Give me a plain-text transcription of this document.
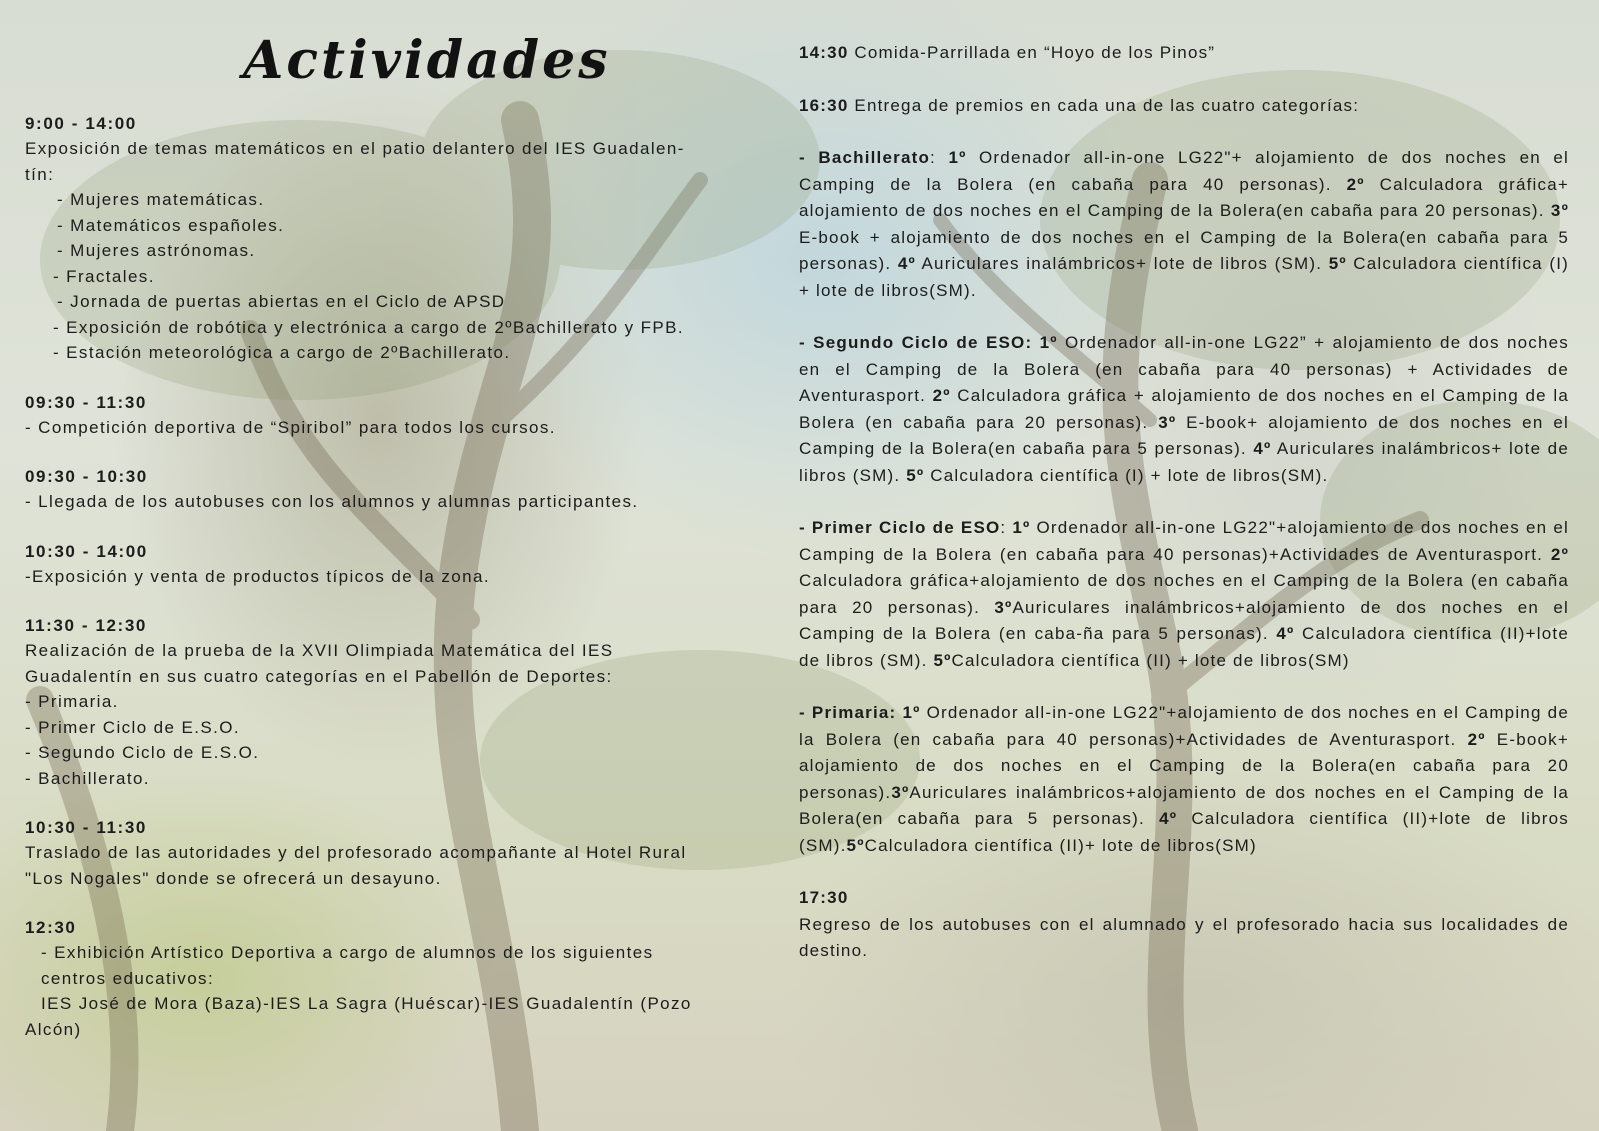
Actividades
9:00 - 14:00
Exposición de temas matemáticos en el patio delantero del IES Guadalen-
tín:
- Mujeres matemáticas.
- Matemáticos españoles.
- Mujeres astrónomas.
- Fractales.
- Jornada de puertas abiertas en el Ciclo de APSD
- Exposición de robótica y electrónica a cargo de 2ºBachillerato y FPB.
- Estación meteorológica a cargo de 2ºBachillerato.
09:30 - 11:30
- Competición deportiva de “Spiribol” para todos los cursos.
09:30 - 10:30
- Llegada de los autobuses con los alumnos y alumnas participantes.
10:30 - 14:00
-Exposición y venta de productos típicos de la zona.
11:30 - 12:30
Realización de la prueba de la XVII Olimpiada Matemática del IES
Guadalentín en sus cuatro categorías en el Pabellón de Deportes:
- Primaria.
- Primer Ciclo de E.S.O.
- Segundo Ciclo de E.S.O.
- Bachillerato.
10:30 - 11:30
Traslado de las autoridades y del profesorado acompañante al Hotel Rural
"Los Nogales" donde se ofrecerá un desayuno.
12:30
- Exhibición Artístico Deportiva a cargo de alumnos de los siguientes
centros educativos:
IES José de Mora (Baza)-IES La Sagra (Huéscar)-IES Guadalentín (Pozo
Alcón)

14:30 Comida-Parrillada en “Hoyo de los Pinos”

16:30 Entrega de premios en cada una de las cuatro categorías:

- Bachillerato: 1º Ordenador all-in-one LG22"+ alojamiento de dos noches en el Camping de la Bolera (en cabaña para 40 personas). 2º Calculadora gráfica+ alojamiento de dos noches en el Camping de la Bolera(en cabaña para 20 personas). 3º E-book + alojamiento de dos noches en el Camping de la Bolera(en cabaña para 5 personas). 4º Auriculares inalámbricos+ lote de libros (SM). 5º Calculadora científica (I) + lote de libros(SM).

- Segundo Ciclo de ESO: 1º Ordenador all-in-one LG22” + alojamiento de dos noches en el Camping de la Bolera (en cabaña para 40 personas) + Actividades de Aventurasport. 2º Calculadora gráfica + alojamiento de dos noches en el Camping de la Bolera (en cabaña para 20 personas). 3º E-book+ alojamiento de dos noches en el Camping de la Bolera(en cabaña para 5 personas). 4º Auriculares inalámbricos+ lote de libros (SM). 5º Calculadora científica (I) + lote de libros(SM).

- Primer Ciclo de ESO: 1º Ordenador all-in-one LG22"+alojamiento de dos noches en el Camping de la Bolera (en cabaña para 40 personas)+Actividades de Aventurasport. 2º Calculadora gráfica+alojamiento de dos noches en el Camping de la Bolera (en cabaña para 20 personas). 3ºAuriculares inalámbricos+alojamiento de dos noches en el Camping de la Bolera (en caba-ña para 5 personas). 4º Calculadora científica (II)+lote de libros (SM). 5ºCalculadora científica (II) + lote de libros(SM)

- Primaria: 1º Ordenador all-in-one LG22"+alojamiento de dos noches en el Camping de la Bolera (en cabaña para 40 personas)+Actividades de Aventurasport. 2º E-book+ alojamiento de dos noches en el Camping de la Bolera(en cabaña para 20 personas).3ºAuriculares inalámbricos+alojamiento de dos noches en el Camping de la Bolera(en cabaña para 5 personas). 4º Calculadora científica (II)+lote de libros (SM).5ºCalculadora científica (II)+ lote de libros(SM)

17:30
Regreso de los autobuses con el alumnado y el profesorado hacia sus localidades de destino.
